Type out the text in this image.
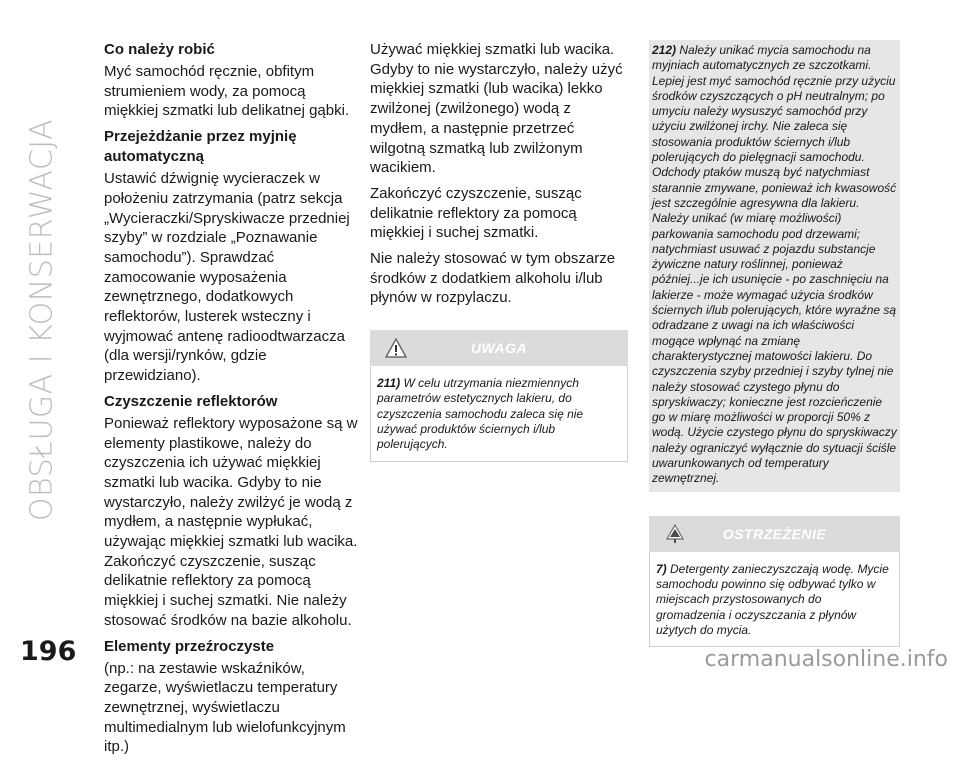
OBSŁUGA I KONSERWACJA
Co należy robić
Myć samochód ręcznie, obfitym strumieniem wody, za pomocą miękkiej szmatki lub delikatnej gąbki.
Przejeżdżanie przez myjnię automatyczną
Ustawić dźwignię wycieraczek w położeniu zatrzymania (patrz sekcja „Wycieraczki/Spryskiwacze przedniej szyby” w rozdziale „Poznawanie samochodu”). Sprawdzać zamocowanie wyposażenia zewnętrznego, dodatkowych reflektorów, lusterek wsteczny i wyjmować antenę radioodtwarzacza (dla wersji/rynków, gdzie przewidziano).
Czyszczenie reflektorów
Ponieważ reflektory wyposażone są w elementy plastikowe, należy do czyszczenia ich używać miękkiej szmatki lub wacika. Gdyby to nie wystarczyło, należy zwilżyć je wodą z mydłem, a następnie wypłukać, używając miękkiej szmatki lub wacika. Zakończyć czyszczenie, susząc delikatnie reflektory za pomocą miękkiej i suchej szmatki. Nie należy stosować środków na bazie alkoholu.
Elementy przeźroczyste
(np.: na zestawie wskaźników, zegarze, wyświetlaczu temperatury zewnętrznej, wyświetlaczu multimedialnym lub wielofunkcyjnym itp.)
Używać miękkiej szmatki lub wacika. Gdyby to nie wystarczyło, należy użyć miękkiej szmatki (lub wacika) lekko zwilżonej (zwilżonego) wodą z mydłem, a następnie przetrzeć wilgotną szmatką lub zwilżonym wacikiem.
Zakończyć czyszczenie, susząc delikatnie reflektory za pomocą miękkiej i suchej szmatki.
Nie należy stosować w tym obszarze środków z dodatkiem alkoholu i/lub płynów w rozpylaczu.
UWAGA
211) W celu utrzymania niezmiennych parametrów estetycznych lakieru, do czyszczenia samochodu zaleca się nie używać produktów ściernych i/lub polerujących.
212) Należy unikać mycia samochodu na myjniach automatycznych ze szczotkami. Lepiej jest myć samochód ręcznie przy użyciu środków czyszczących o pH neutralnym; po umyciu należy wysuszyć samochód przy użyciu zwilżonej irchy. Nie zaleca się stosowania produktów ściernych i/lub polerujących do pielęgnacji samochodu. Odchody ptaków muszą być natychmiast starannie zmywane, ponieważ ich kwasowość jest szczególnie agresywna dla lakieru. Należy unikać (w miarę możliwości) parkowania samochodu pod drzewami; natychmiast usuwać z pojazdu substancje żywiczne natury roślinnej, ponieważ później...je ich usunięcie - po zaschnięciu na lakierze - może wymagać użycia środków ściernych i/lub polerujących, które wyraźne są odradzane z uwagi na ich właściwości mogące wpłynąć na zmianę charakterystycznej matowości lakieru. Do czyszczenia szyby przedniej i szyby tylnej nie należy stosować czystego płynu do spryskiwaczy; konieczne jest rozcieńczenie go w miarę możliwości w proporcji 50% z wodą. Użycie czystego płynu do spryskiwaczy należy ograniczyć wyłącznie do sytuacji ściśle uwarunkowanych od temperatury zewnętrznej.
OSTRZEŻENIE
7) Detergenty zanieczyszczają wodę. Mycie samochodu powinno się odbywać tylko w miejscach przystosowanych do gromadzenia i oczyszczania z płynów użytych do mycia.
196	carmanualsonline.info
